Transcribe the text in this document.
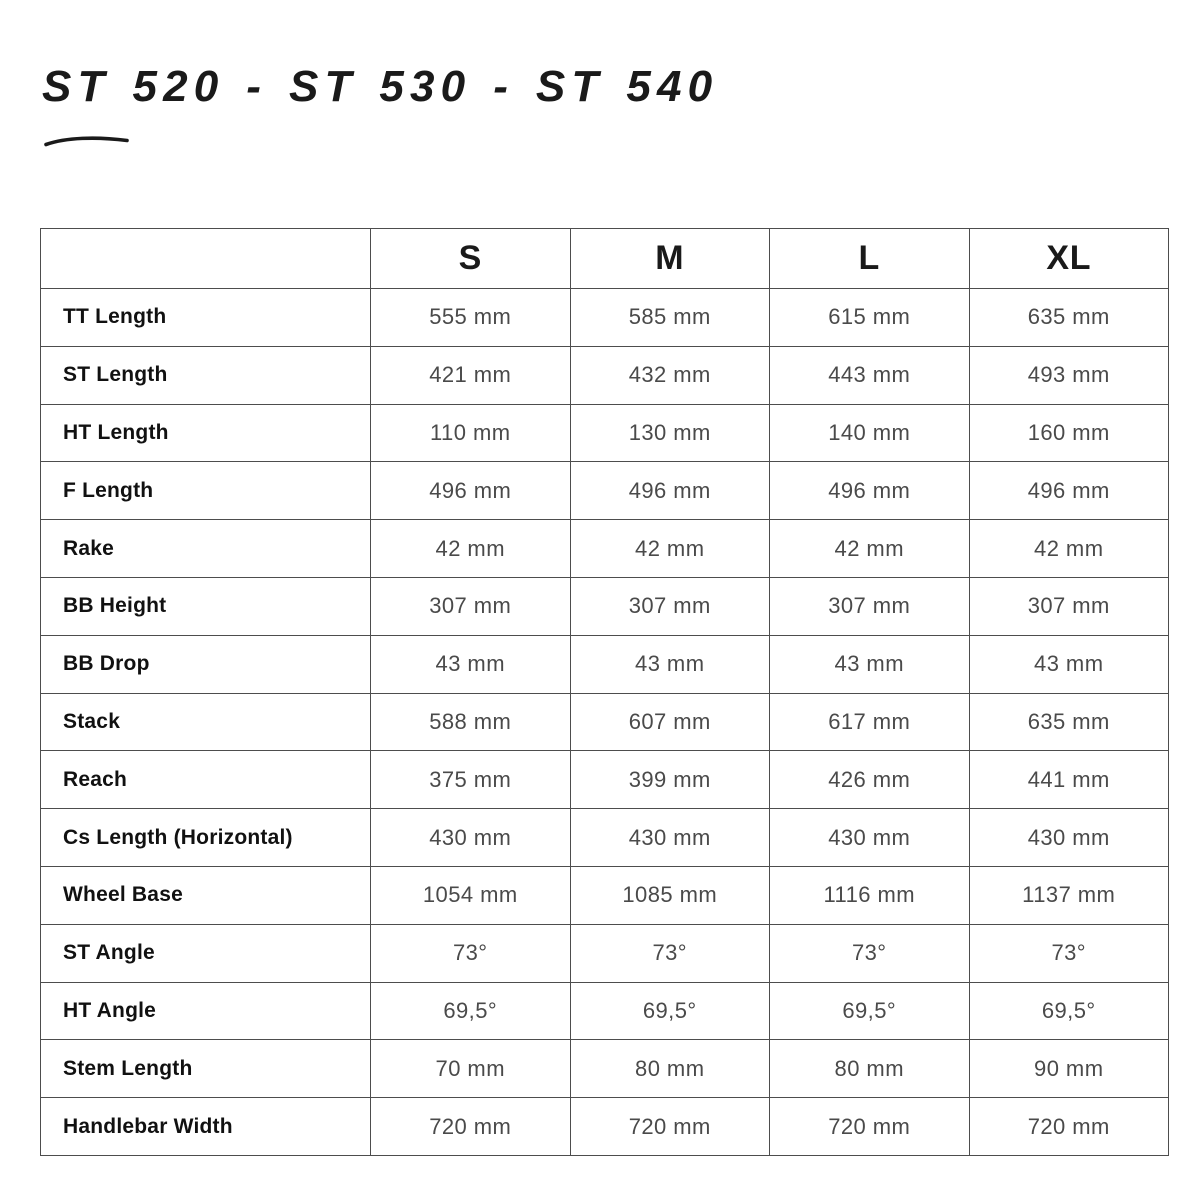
ST 520 - ST 530 - ST 540
	S	M	L	XL
TT Length	555 mm	585 mm	615 mm	635 mm
ST Length	421 mm	432 mm	443 mm	493 mm
HT Length	110 mm	130 mm	140 mm	160 mm
F Length	496 mm	496 mm	496 mm	496 mm
Rake	42 mm	42 mm	42 mm	42 mm
BB Height	307 mm	307 mm	307 mm	307 mm
BB Drop	43 mm	43 mm	43 mm	43 mm
Stack	588 mm	607 mm	617 mm	635 mm
Reach	375 mm	399 mm	426 mm	441 mm
Cs Length (Horizontal)	430 mm	430 mm	430 mm	430 mm
Wheel Base	1054 mm	1085 mm	1116 mm	1137 mm
ST Angle	73°	73°	73°	73°
HT Angle	69,5°	69,5°	69,5°	69,5°
Stem Length	70 mm	80 mm	80 mm	90 mm
Handlebar Width	720 mm	720 mm	720 mm	720 mm
